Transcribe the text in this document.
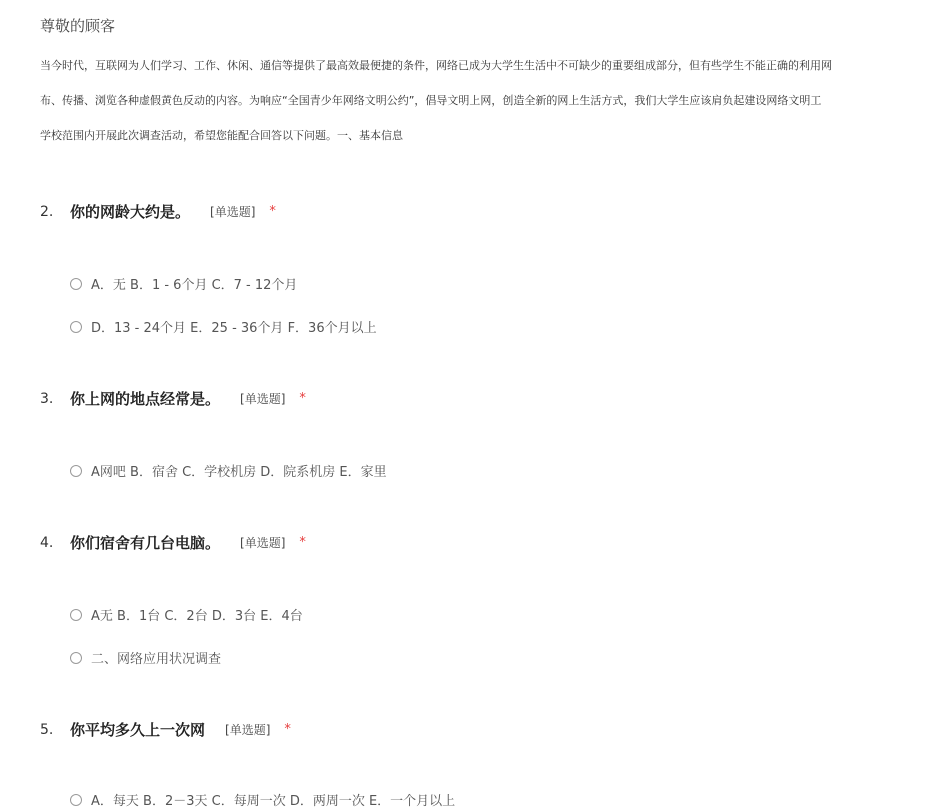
尊敬的顾客
当今时代，互联网为人们学习、工作、休闲、通信等提供了最高效最便捷的条件，网络已成为大学生生活中不可缺少的重要组成部分，但有些学生不能正确的利用网
布、传播、浏览各种虚假黄色反动的内容。为响应“全国青少年网络文明公约”，倡导文明上网，创造全新的网上生活方式，我们大学生应该肩负起建设网络文明工
学校范围内开展此次调查活动，希望您能配合回答以下问题。一、基本信息
2.	你的网龄大约是。 [单选题] *
A．无 B．1 - 6个月 C．7 - 12个月
D．13 - 24个月 E．25 - 36个月 F．36个月以上
3.	你上网的地点经常是。 [单选题] *
A网吧 B．宿舍 C．学校机房 D．院系机房 E．家里
4.	你们宿舍有几台电脑。 [单选题] *
A无 B．1台 C．2台 D．3台 E．4台
二、网络应用状况调查
5.	你平均多久上一次网 [单选题] *
A．每天 B．2－3天 C．每周一次 D．两周一次 E．一个月以上
